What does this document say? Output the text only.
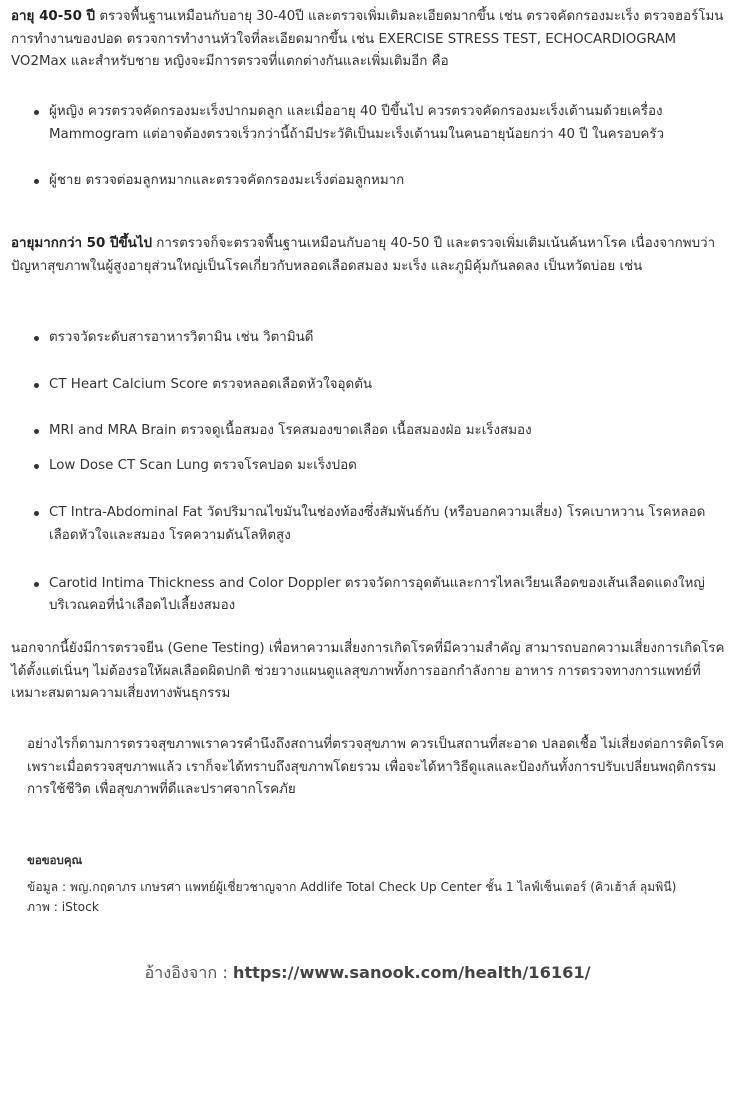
อายุ 40-50 ปี ตรวจพื้นฐานเหมือนกับอายุ 30-40ปี และตรวจเพิ่มเติมละเอียดมากขึ้น เช่น ตรวจคัดกรองมะเร็ง ตรวจฮอร์โมน การทำงานของปอด ตรวจการทำงานหัวใจที่ละเอียดมากขึ้น เช่น EXERCISE STRESS TEST, ECHOCARDIOGRAM VO2Max และสำหรับชาย หญิงจะมีการตรวจที่แตกต่างกันและเพิ่มเติมอีก คือ

ผู้หญิง ควรตรวจคัดกรองมะเร็งปากมดลูก และเมื่ออายุ 40 ปีขึ้นไป ควรตรวจคัดกรองมะเร็งเต้านมด้วยเครื่อง Mammogram แต่อาจต้องตรวจเร็วกว่านี้ถ้ามีประวัติเป็นมะเร็งเต้านมในคนอายุน้อยกว่า 40 ปี ในครอบครัว
ผู้ชาย ตรวจต่อมลูกหมากและตรวจคัดกรองมะเร็งต่อมลูกหมาก

อายุมากกว่า 50 ปีขึ้นไป การตรวจก็จะตรวจพื้นฐานเหมือนกับอายุ 40-50 ปี และตรวจเพิ่มเติมเน้นค้นหาโรค เนื่องจากพบว่าปัญหาสุขภาพในผู้สูงอายุส่วนใหญ่เป็นโรคเกี่ยวกับหลอดเลือดสมอง มะเร็ง และภูมิคุ้มกันลดลง เป็นหวัดบ่อย เช่น

ตรวจวัดระดับสารอาหารวิตามิน เช่น วิตามินดี
CT Heart Calcium Score ตรวจหลอดเลือดหัวใจอุดตัน
MRI and MRA Brain ตรวจดูเนื้อสมอง โรคสมองขาดเลือด เนื้อสมองฝ่อ มะเร็งสมอง
Low Dose CT Scan Lung ตรวจโรคปอด มะเร็งปอด
CT Intra-Abdominal Fat วัดปริมาณไขมันในช่องท้องซึ่งสัมพันธ์กับ (หรือบอกความเสี่ยง) โรคเบาหวาน โรคหลอดเลือดหัวใจและสมอง โรคความดันโลหิตสูง
Carotid Intima Thickness and Color Doppler ตรวจวัดการอุดตันและการไหลเวียนเลือดของเส้นเลือดแดงใหญ่บริเวณคอที่นำเลือดไปเลี้ยงสมอง

นอกจากนี้ยังมีการตรวจยีน (Gene Testing) เพื่อหาความเสี่ยงการเกิดโรคที่มีความสำคัญ สามารถบอกความเสี่ยงการเกิดโรคได้ตั้งแต่เนิ่นๆ ไม่ต้องรอให้ผลเลือดผิดปกติ ช่วยวางแผนดูแลสุขภาพทั้งการออกกำลังกาย อาหาร การตรวจทางการแพทย์ที่เหมาะสมตามความเสี่ยงทางพันธุกรรม

อย่างไรก็ตามการตรวจสุขภาพเราควรคำนึงถึงสถานที่ตรวจสุขภาพ ควรเป็นสถานที่สะอาด ปลอดเชื้อ ไม่เสี่ยงต่อการติดโรค เพราะเมื่อตรวจสุขภาพแล้ว เราก็จะได้ทราบถึงสุขภาพโดยรวม เพื่อจะได้หาวิธีดูแลและป้องกันทั้งการปรับเปลี่ยนพฤติกรรมการใช้ชีวิต เพื่อสุขภาพที่ดีและปราศจากโรคภัย

ขอขอบคุณ
ข้อมูล : พญ.กฤดาภร เกษรศา แพทย์ผู้เชี่ยวชาญจาก Addlife Total Check Up Center ชั้น 1 ไลฟ์เซ็นเตอร์ (คิวเฮ้าส์ ลุมพินี)
ภาพ : iStock
อ้างอิงจาก : https://www.sanook.com/health/16161/
